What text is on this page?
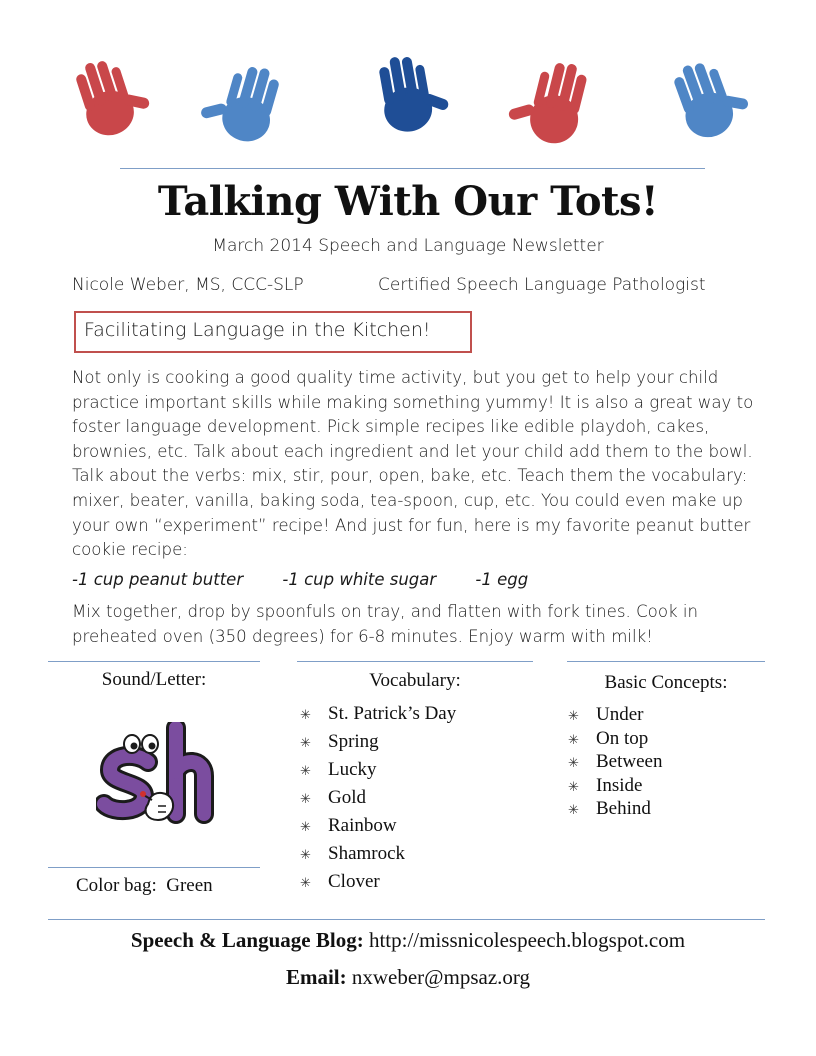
Talking With Our Tots!
March 2014 Speech and Language Newsletter
Nicole Weber, MS, CCC-SLP	Certified Speech Language Pathologist
Facilitating Language in the Kitchen!
Not only is cooking a good quality time activity, but you get to help your child practice important skills while making something yummy! It is also a great way to foster language development. Pick simple recipes like edible playdoh, cakes, brownies, etc. Talk about each ingredient and let your child add them to the bowl. Talk about the verbs: mix, stir, pour, open, bake, etc. Teach them the vocabulary: mixer, beater, vanilla, baking soda, tea-spoon, cup, etc. You could even make up your own “experiment” recipe! And just for fun, here is my favorite peanut butter cookie recipe:
-1 cup peanut butter -1 cup white sugar -1 egg
Mix together, drop by spoonfuls on tray, and flatten with fork tines. Cook in preheated oven (350 degrees) for 6-8 minutes. Enjoy warm with milk!
Sound/Letter:
Color bag: Green
Vocabulary:
✳ St. Patrick’s Day
✳ Spring
✳ Lucky
✳ Gold
✳ Rainbow
✳ Shamrock
✳ Clover
Basic Concepts:
✳ Under
✳ On top
✳ Between
✳ Inside
✳ Behind
Speech & Language Blog: http://missnicolespeech.blogspot.com
Email: nxweber@mpsaz.org
